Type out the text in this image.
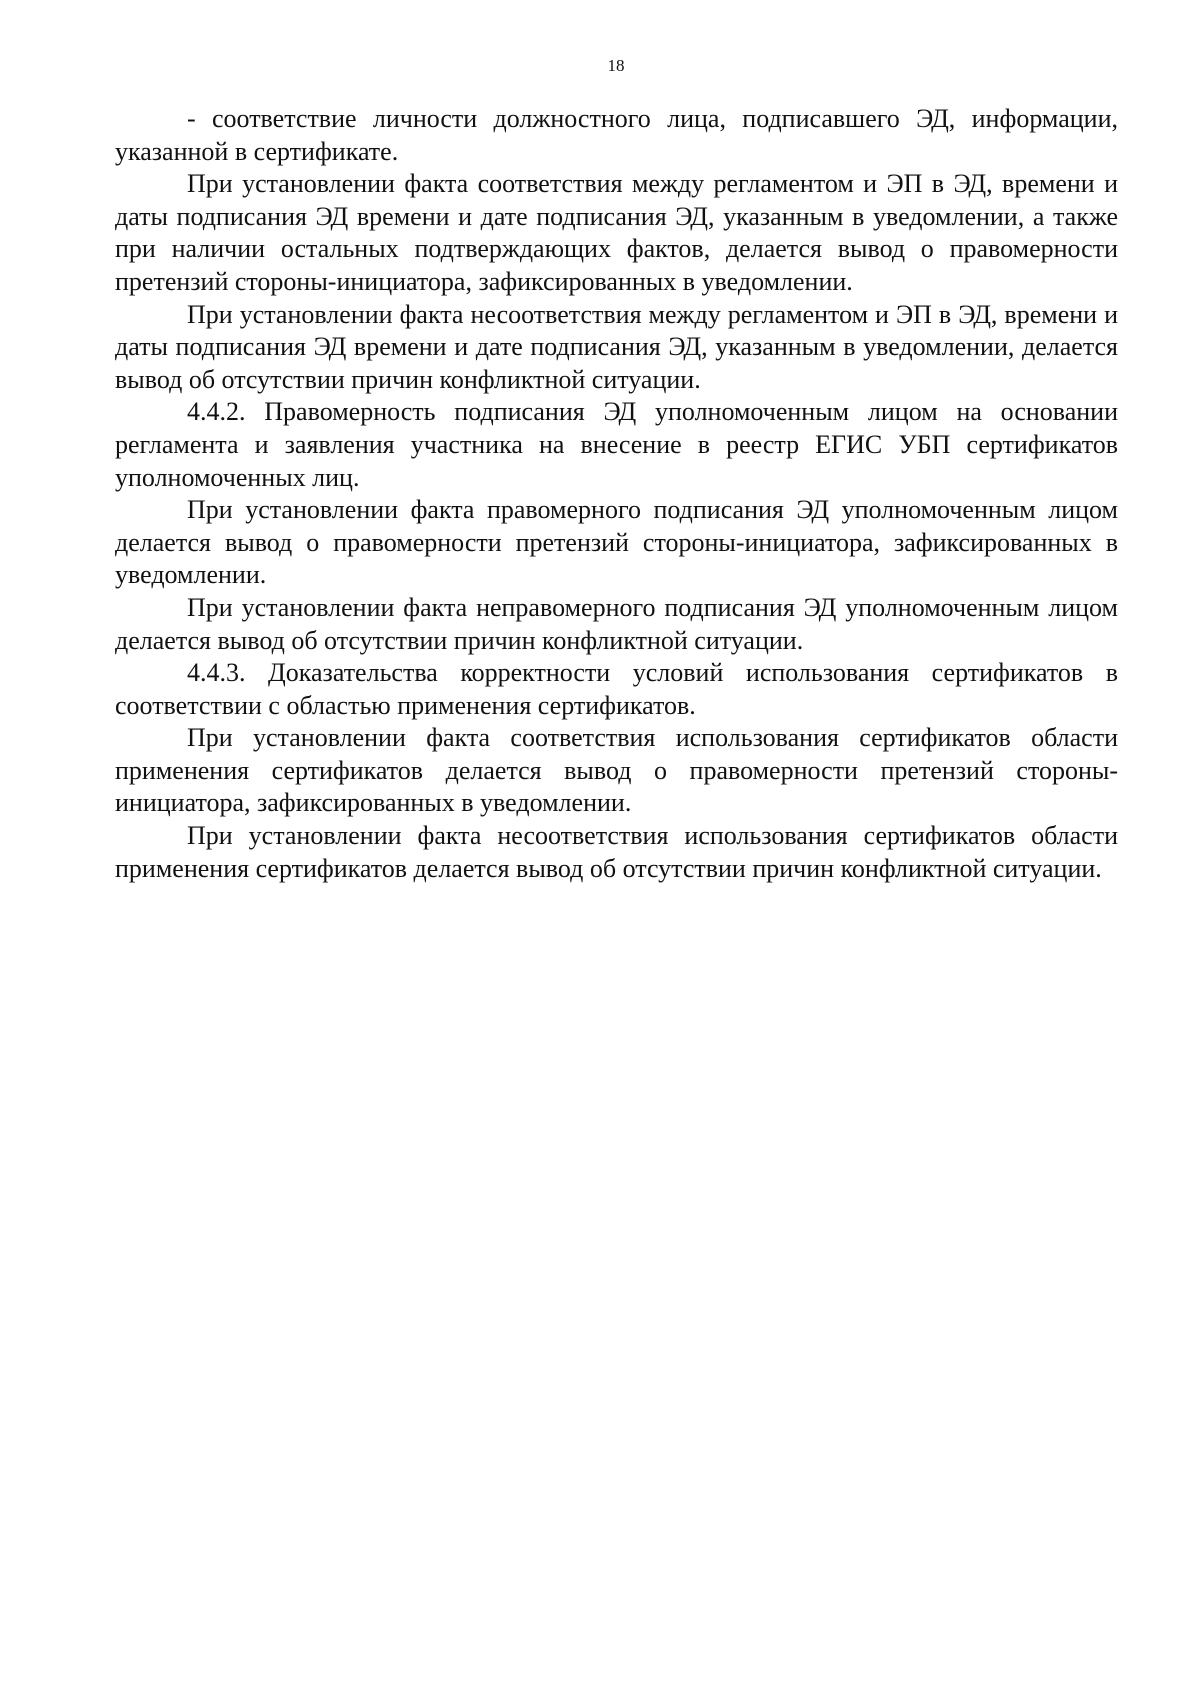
18

- соответствие личности должностного лица, подписавшего ЭД, информации, указанной в сертификате.

При установлении факта соответствия между регламентом и ЭП в ЭД, времени и даты подписания ЭД времени и дате подписания ЭД, указанным в уведомлении, а также при наличии остальных подтверждающих фактов, делается вывод о правомерности претензий стороны-инициатора, зафиксированных в уведомлении.

При установлении факта несоответствия между регламентом и ЭП в ЭД, времени и даты подписания ЭД времени и дате подписания ЭД, указанным в уведомлении, делается вывод об отсутствии причин конфликтной ситуации.

4.4.2. Правомерность подписания ЭД уполномоченным лицом на основании регламента и заявления участника на внесение в реестр ЕГИС УБП сертификатов уполномоченных лиц.

При установлении факта правомерного подписания ЭД уполномоченным лицом делается вывод о правомерности претензий стороны-инициатора, зафиксированных в уведомлении.

При установлении факта неправомерного подписания ЭД уполномоченным лицом делается вывод об отсутствии причин конфликтной ситуации.

4.4.3. Доказательства корректности условий использования сертификатов в соответствии с областью применения сертификатов.

При установлении факта соответствия использования сертификатов области применения сертификатов делается вывод о правомерности претензий стороны-инициатора, зафиксированных в уведомлении.

При установлении факта несоответствия использования сертификатов области применения сертификатов делается вывод об отсутствии причин конфликтной ситуации.
